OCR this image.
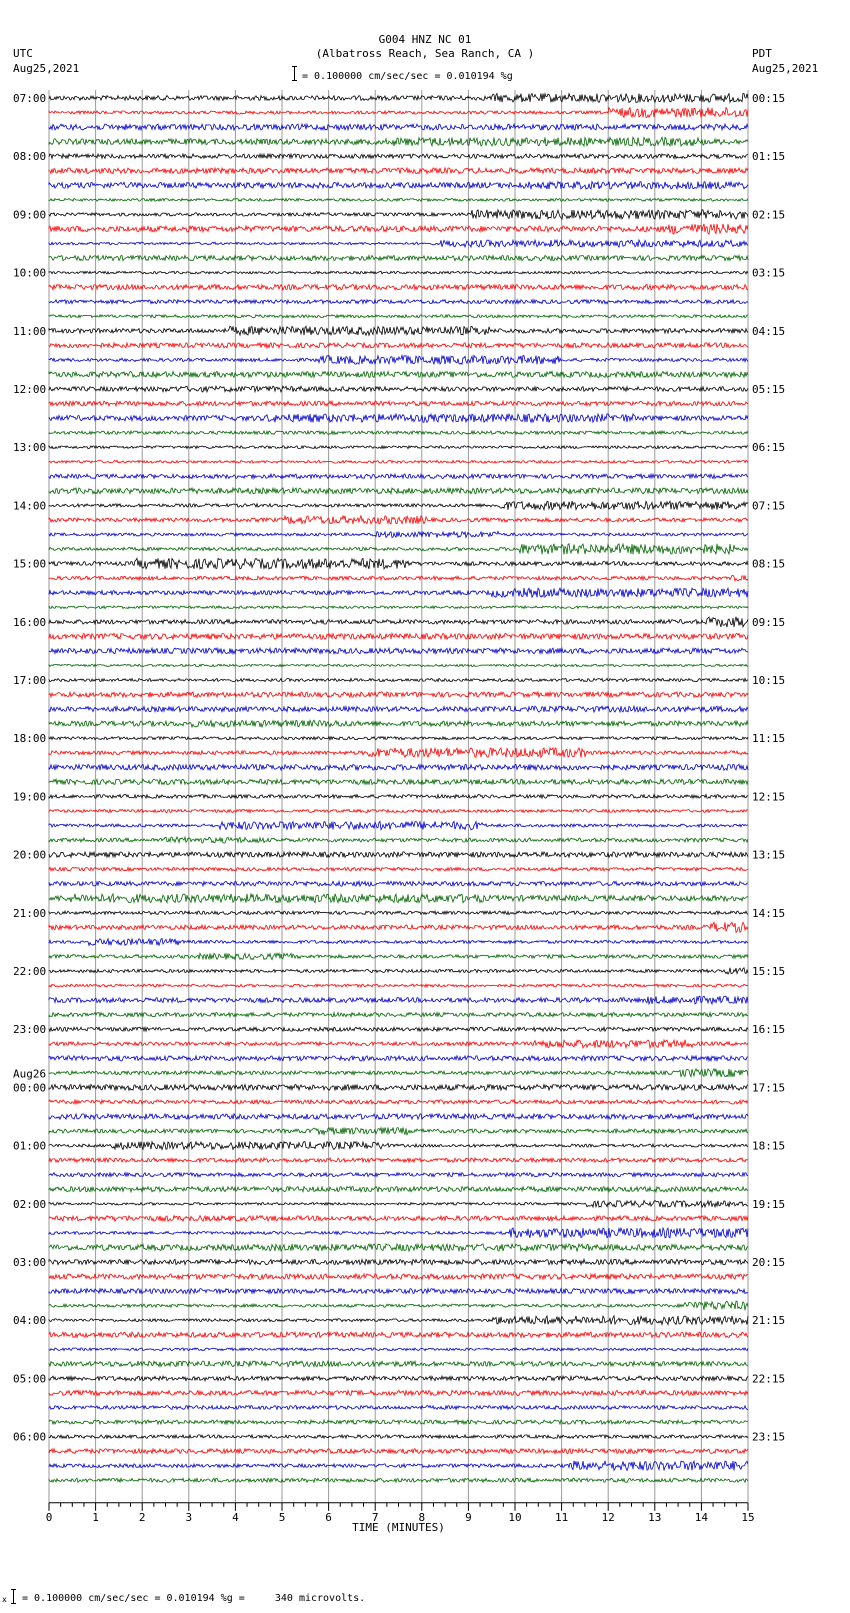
G004 HNZ NC 01
(Albatross Reach, Sea Ranch, CA )
UTC
Aug25,2021
PDT
Aug25,2021
= 0.100000 cm/sec/sec = 0.010194 %g
07:00
08:00
09:00
10:00
11:00
12:00
13:00
14:00
15:00
16:00
17:00
18:00
19:00
20:00
21:00
22:00
23:00
00:00
01:00
02:00
03:00
04:00
05:00
06:00
00:15
01:15
02:15
03:15
04:15
05:15
06:15
07:15
08:15
09:15
10:15
11:15
12:15
13:15
14:15
15:15
16:15
17:15
18:15
19:15
20:15
21:15
22:15
23:15
Aug26
0	1	2	3	4	5	6	7	8	9	10	11	12	13	14	15
TIME (MINUTES)
x = 0.100000 cm/sec/sec = 0.010194 %g =     340 microvolts.
